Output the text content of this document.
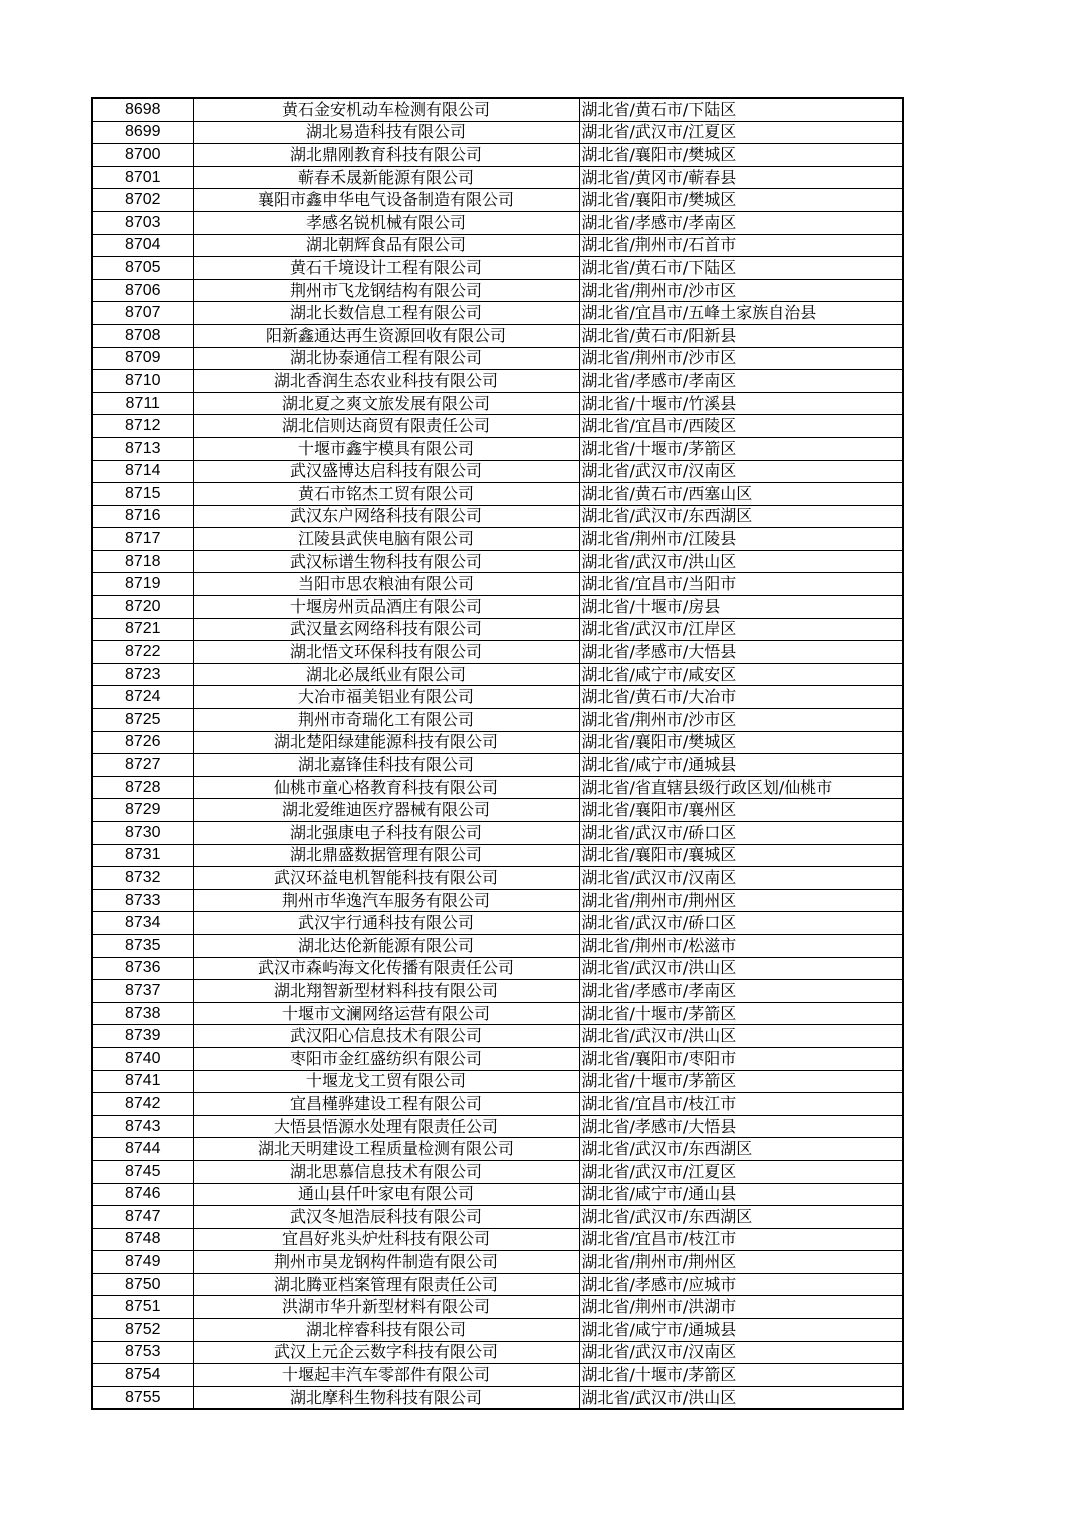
8698	黄石金安机动车检测有限公司	湖北省/黄石市/下陆区
8699	湖北易造科技有限公司	湖北省/武汉市/江夏区
8700	湖北鼎刚教育科技有限公司	湖北省/襄阳市/樊城区
8701	蕲春禾晟新能源有限公司	湖北省/黄冈市/蕲春县
8702	襄阳市鑫申华电气设备制造有限公司	湖北省/襄阳市/樊城区
8703	孝感名锐机械有限公司	湖北省/孝感市/孝南区
8704	湖北朝辉食品有限公司	湖北省/荆州市/石首市
8705	黄石千境设计工程有限公司	湖北省/黄石市/下陆区
8706	荆州市飞龙钢结构有限公司	湖北省/荆州市/沙市区
8707	湖北长数信息工程有限公司	湖北省/宜昌市/五峰土家族自治县
8708	阳新鑫通达再生资源回收有限公司	湖北省/黄石市/阳新县
8709	湖北协泰通信工程有限公司	湖北省/荆州市/沙市区
8710	湖北香润生态农业科技有限公司	湖北省/孝感市/孝南区
8711	湖北夏之爽文旅发展有限公司	湖北省/十堰市/竹溪县
8712	湖北信则达商贸有限责任公司	湖北省/宜昌市/西陵区
8713	十堰市鑫宇模具有限公司	湖北省/十堰市/茅箭区
8714	武汉盛博达启科技有限公司	湖北省/武汉市/汉南区
8715	黄石市铭杰工贸有限公司	湖北省/黄石市/西塞山区
8716	武汉东户网络科技有限公司	湖北省/武汉市/东西湖区
8717	江陵县武侠电脑有限公司	湖北省/荆州市/江陵县
8718	武汉标谱生物科技有限公司	湖北省/武汉市/洪山区
8719	当阳市思农粮油有限公司	湖北省/宜昌市/当阳市
8720	十堰房州贡品酒庄有限公司	湖北省/十堰市/房县
8721	武汉量玄网络科技有限公司	湖北省/武汉市/江岸区
8722	湖北悟文环保科技有限公司	湖北省/孝感市/大悟县
8723	湖北必晟纸业有限公司	湖北省/咸宁市/咸安区
8724	大冶市福美铝业有限公司	湖北省/黄石市/大冶市
8725	荆州市奇瑞化工有限公司	湖北省/荆州市/沙市区
8726	湖北楚阳绿建能源科技有限公司	湖北省/襄阳市/樊城区
8727	湖北嘉锋佳科技有限公司	湖北省/咸宁市/通城县
8728	仙桃市童心格教育科技有限公司	湖北省/省直辖县级行政区划/仙桃市
8729	湖北爱维迪医疗器械有限公司	湖北省/襄阳市/襄州区
8730	湖北强康电子科技有限公司	湖北省/武汉市/硚口区
8731	湖北鼎盛数据管理有限公司	湖北省/襄阳市/襄城区
8732	武汉环益电机智能科技有限公司	湖北省/武汉市/汉南区
8733	荆州市华逸汽车服务有限公司	湖北省/荆州市/荆州区
8734	武汉宇行通科技有限公司	湖北省/武汉市/硚口区
8735	湖北达伦新能源有限公司	湖北省/荆州市/松滋市
8736	武汉市森屿海文化传播有限责任公司	湖北省/武汉市/洪山区
8737	湖北翔智新型材料科技有限公司	湖北省/孝感市/孝南区
8738	十堰市文澜网络运营有限公司	湖北省/十堰市/茅箭区
8739	武汉阳心信息技术有限公司	湖北省/武汉市/洪山区
8740	枣阳市金红盛纺织有限公司	湖北省/襄阳市/枣阳市
8741	十堰龙戈工贸有限公司	湖北省/十堰市/茅箭区
8742	宜昌槿骅建设工程有限公司	湖北省/宜昌市/枝江市
8743	大悟县悟源水处理有限责任公司	湖北省/孝感市/大悟县
8744	湖北天明建设工程质量检测有限公司	湖北省/武汉市/东西湖区
8745	湖北思慕信息技术有限公司	湖北省/武汉市/江夏区
8746	通山县仟叶家电有限公司	湖北省/咸宁市/通山县
8747	武汉冬旭浩辰科技有限公司	湖北省/武汉市/东西湖区
8748	宜昌好兆头炉灶科技有限公司	湖北省/宜昌市/枝江市
8749	荆州市昊龙钢构件制造有限公司	湖北省/荆州市/荆州区
8750	湖北腾亚档案管理有限责任公司	湖北省/孝感市/应城市
8751	洪湖市华升新型材料有限公司	湖北省/荆州市/洪湖市
8752	湖北梓睿科技有限公司	湖北省/咸宁市/通城县
8753	武汉上元企云数字科技有限公司	湖北省/武汉市/汉南区
8754	十堰起丰汽车零部件有限公司	湖北省/十堰市/茅箭区
8755	湖北摩科生物科技有限公司	湖北省/武汉市/洪山区
